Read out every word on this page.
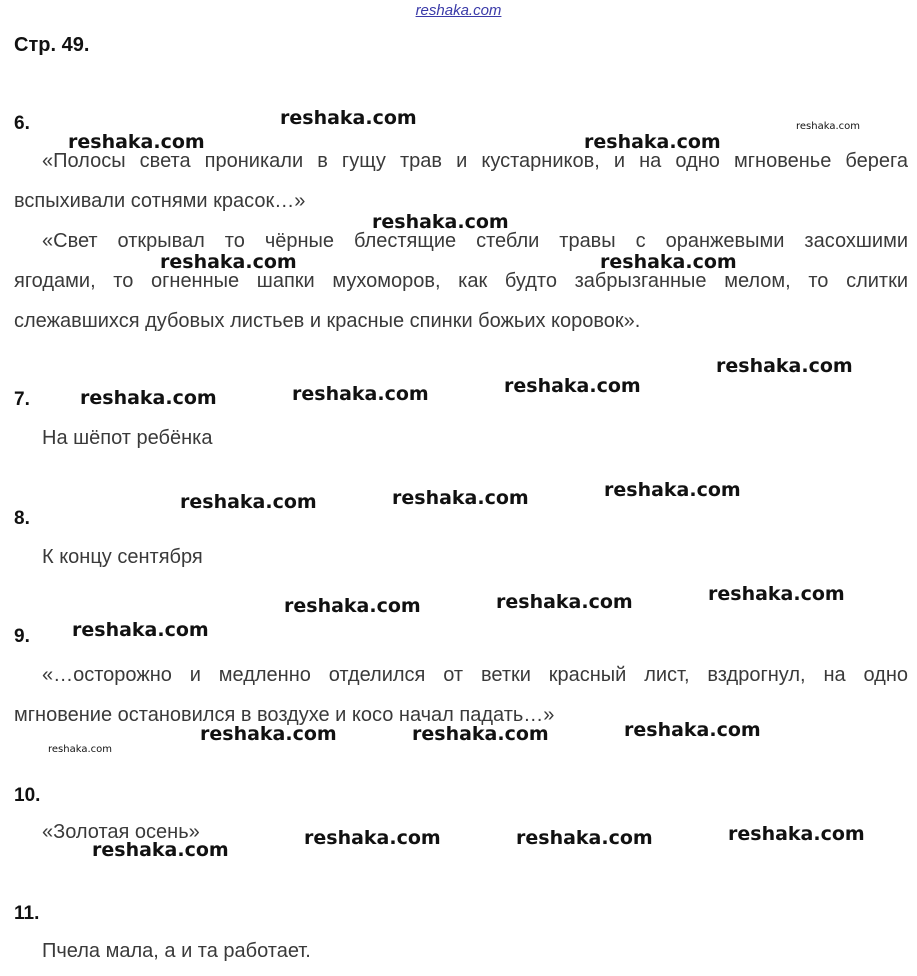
reshaka.com
Стр. 49.
6.
«Полосы света проникали в гущу трав и кустарников, и на одно мгновенье берега
вспыхивали сотнями красок…»
«Свет открывал то чёрные блестящие стебли травы с оранжевыми засохшими
ягодами, то огненные шапки мухоморов, как будто забрызганные мелом, то слитки
слежавшихся дубовых листьев и красные спинки божьих коровок».
7.
На шёпот ребёнка
8.
К концу сентября
9.
«…осторожно и медленно отделился от ветки красный лист, вздрогнул, на одно
мгновение остановился в воздухе и косо начал падать…»
10.
«Золотая осень»
11.
Пчела мала, а и та работает.
reshaka.com
reshaka.com	reshaka.com
reshaka.com
reshaka.com
reshaka.com	reshaka.com
reshaka.com
reshaka.com
reshaka.com
reshaka.com
reshaka.com
reshaka.com
reshaka.com
reshaka.com
reshaka.com
reshaka.com
reshaka.com
reshaka.com
reshaka.com
reshaka.com
reshaka.com
reshaka.com
reshaka.com
reshaka.com
reshaka.com
